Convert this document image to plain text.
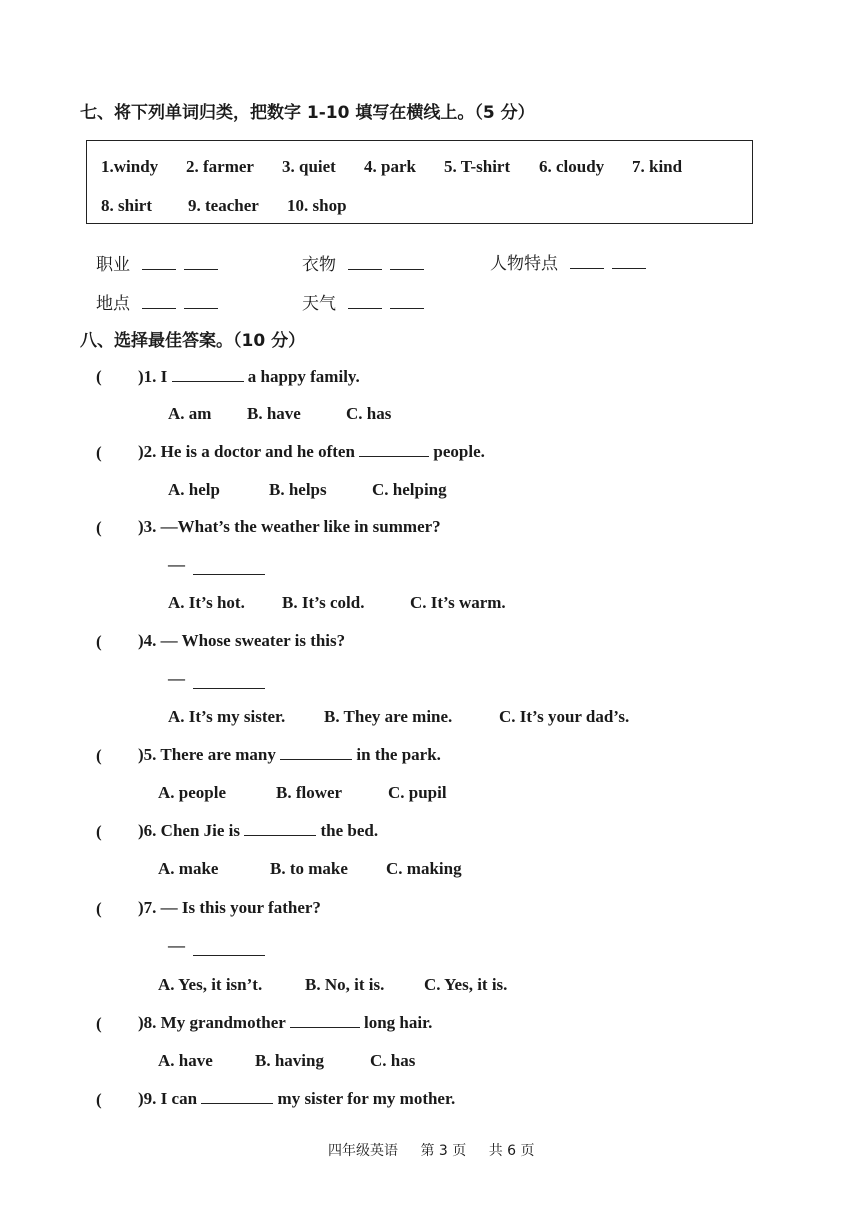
七、将下列单词归类，把数字 1-10 填写在横线上。（5 分）
1.windy 2. farmer 3. quiet 4. park 5. T-shirt 6. cloudy 7. kind
8. shirt 9. teacher 10. shop
职业	衣物	人物特点
地点	天气
八、选择最佳答案。（10 分）
( )1. I	a happy family.
A. am B. have	C. has
( )2. He is a doctor and he often	people.
A. help	B. helps	C. helping
( )3. —What’s the weather like in summer?
—
A. It’s hot. B. It’s cold.	C. It’s warm.
( )4. — Whose sweater is this?
—
A. It’s my sister. B. They are mine.	C. It’s your dad’s.
( )5. There are many	in the park.
A. people	B. flower	C. pupil
( )6. Chen Jie is	the bed.
A. make	B. to make C. making
( )7. — Is this your father?
—
A. Yes, it isn’t.	B. No, it is. C. Yes, it is.
( )8. My grandmother	long hair.
A. have B. having	C. has
( )9. I can	my sister for my mother.
四年级英语 第 3 页 共 6 页
